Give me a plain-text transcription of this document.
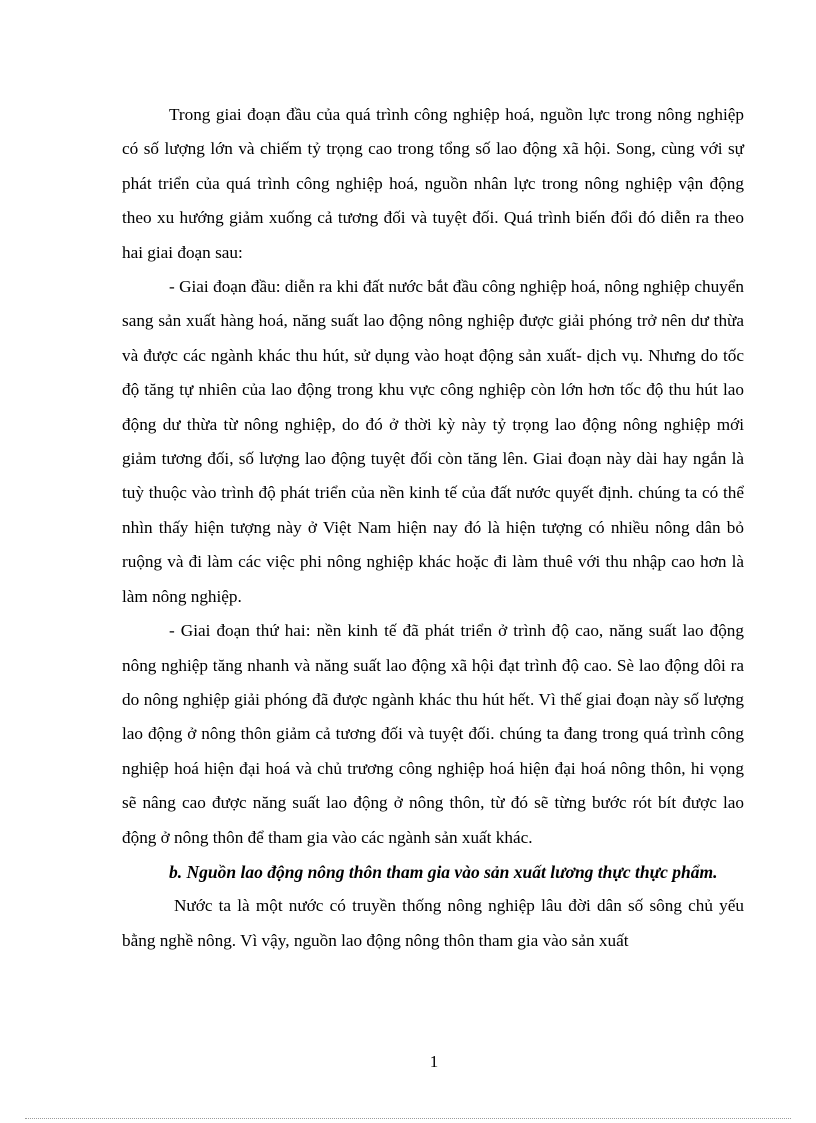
Trong giai đoạn đầu của quá trình công nghiệp hoá, nguồn lực trong nông nghiệp có số lượng lớn và chiếm tỷ trọng cao trong tổng số lao động xã hội. Song, cùng với sự phát triển của quá trình công nghiệp hoá, nguồn nhân lực trong nông nghiệp vận động theo xu hướng giảm xuống cả tương đối và tuyệt đối. Quá trình biến đổi đó diễn ra theo hai giai đoạn sau:

- Giai đoạn đầu: diễn ra khi đất nước bắt đầu công nghiệp hoá, nông nghiệp chuyển sang sản xuất hàng hoá, năng suất lao động nông nghiệp được giải phóng trở nên dư thừa và được các ngành khác thu hút, sử dụng vào hoạt động sản xuất- dịch vụ. Nhưng do tốc độ tăng tự nhiên của lao động trong khu vực công nghiệp còn lớn hơn tốc độ thu hút lao động dư thừa từ nông nghiệp, do đó ở thời kỳ này tỷ trọng lao động nông nghiệp mới giảm tương đối, số lượng lao động tuyệt đối còn tăng lên. Giai đoạn này dài hay ngắn là tuỳ thuộc vào trình độ phát triển của nền kinh tế của đất nước quyết định. chúng ta có thể nhìn thấy hiện tượng này ở Việt Nam hiện nay đó là hiện tượng có nhiều nông dân bỏ ruộng và đi làm các việc phi nông nghiệp khác hoặc đi làm thuê với thu nhập cao hơn là làm nông nghiệp.

- Giai đoạn thứ hai: nền kinh tế đã phát triển ở trình độ cao, năng suất lao động nông nghiệp tăng nhanh và năng suất lao động xã hội đạt trình độ cao. Sè lao động dôi ra do nông nghiệp giải phóng đã được ngành khác thu hút hết. Vì thế giai đoạn này số lượng lao động ở nông thôn giảm cả tương đối và tuyệt đối. chúng ta đang trong quá trình công nghiệp hoá hiện đại hoá và chủ trương công nghiệp hoá hiện đại hoá nông thôn, hi vọng sẽ nâng cao được năng suất lao động ở nông thôn, từ đó sẽ từng bước rót bít được lao động ở nông thôn để tham gia vào các ngành sản xuất khác.

b. Nguồn lao động nông thôn tham gia vào sản xuất lương thực thực phẩm.

Nước ta là một nước có truyền thống nông nghiệp lâu đời dân số sông chủ yếu bằng nghề nông. Vì vậy, nguồn lao động nông thôn tham gia vào sản xuất

1
